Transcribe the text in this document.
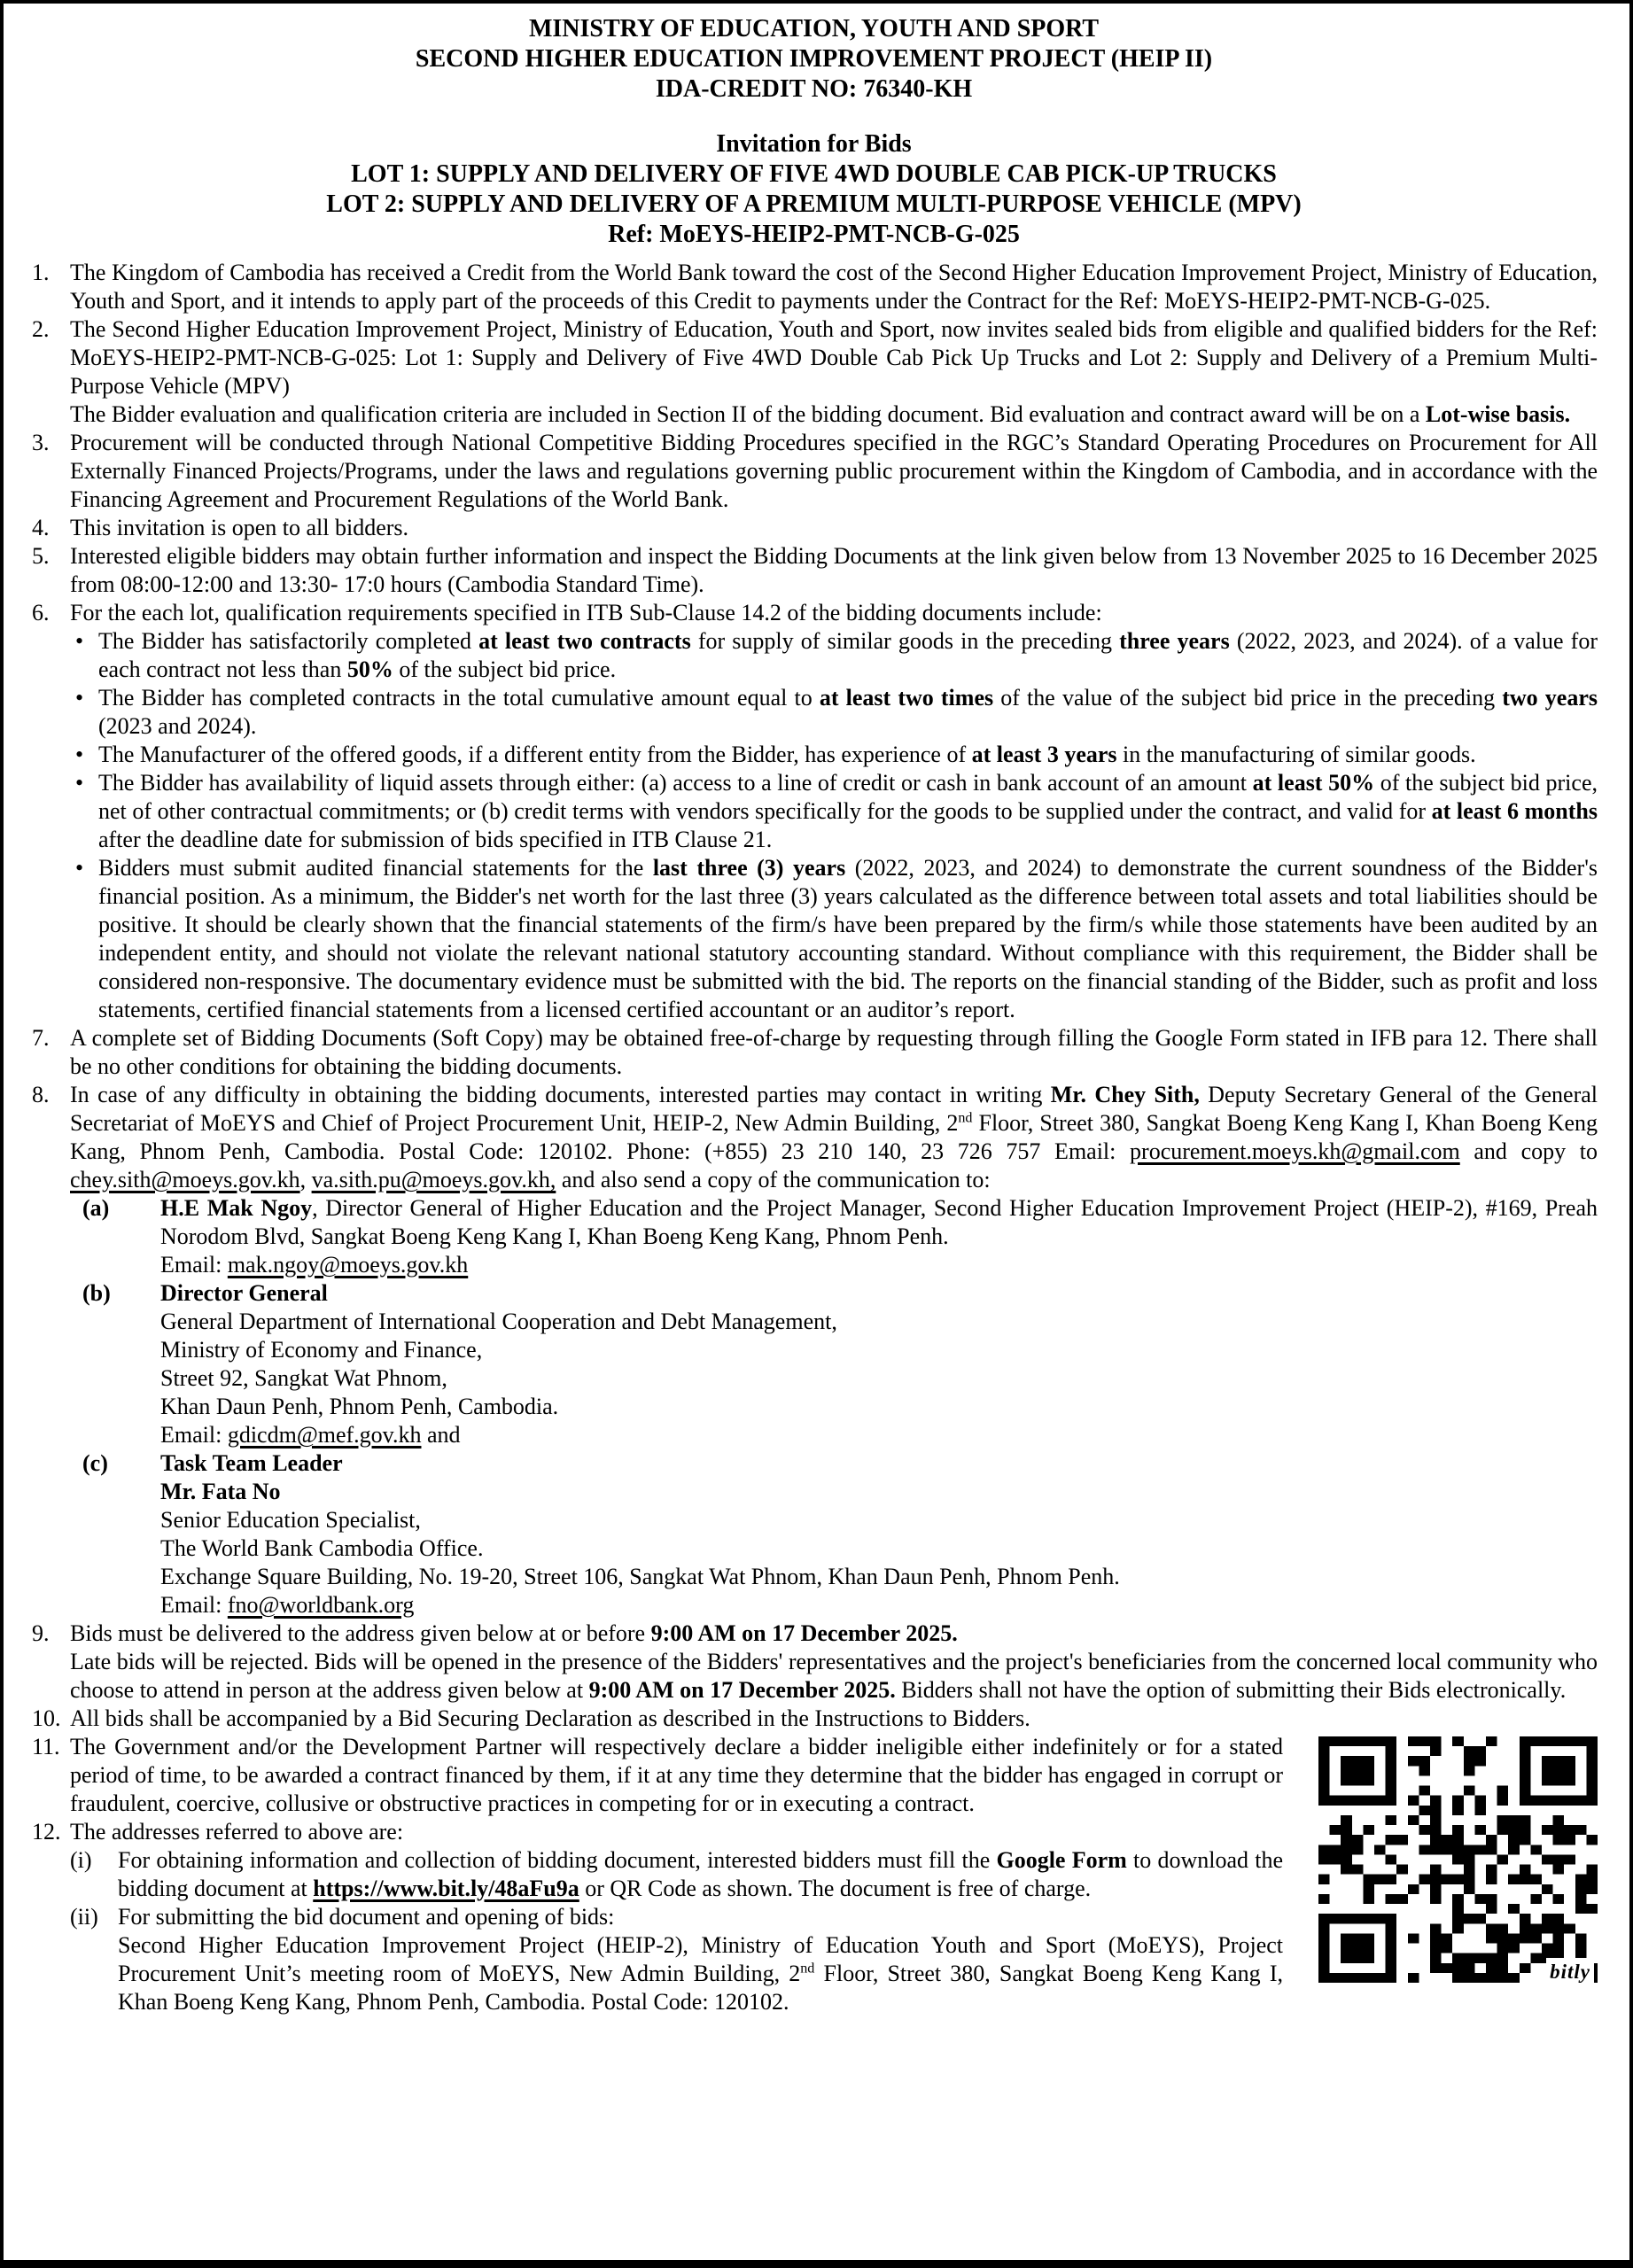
MINISTRY OF EDUCATION, YOUTH AND SPORT
SECOND HIGHER EDUCATION IMPROVEMENT PROJECT (HEIP II)
IDA-CREDIT NO: 76340-KH
Invitation for Bids
LOT 1: SUPPLY AND DELIVERY OF FIVE 4WD DOUBLE CAB PICK-UP TRUCKS
LOT 2: SUPPLY AND DELIVERY OF A PREMIUM MULTI-PURPOSE VEHICLE (MPV)
Ref: MoEYS-HEIP2-PMT-NCB-G-025
1. The Kingdom of Cambodia has received a Credit from the World Bank toward the cost of the Second Higher Education Improvement Project, Ministry of Education, Youth and Sport, and it intends to apply part of the proceeds of this Credit to payments under the Contract for the Ref: MoEYS-HEIP2-PMT-NCB-G-025.
2. The Second Higher Education Improvement Project, Ministry of Education, Youth and Sport, now invites sealed bids from eligible and qualified bidders for the Ref: MoEYS-HEIP2-PMT-NCB-G-025: Lot 1: Supply and Delivery of Five 4WD Double Cab Pick Up Trucks and Lot 2: Supply and Delivery of a Premium Multi-Purpose Vehicle (MPV)
The Bidder evaluation and qualification criteria are included in Section II of the bidding document. Bid evaluation and contract award will be on a Lot-wise basis.
3. Procurement will be conducted through National Competitive Bidding Procedures specified in the RGC’s Standard Operating Procedures on Procurement for All Externally Financed Projects/Programs, under the laws and regulations governing public procurement within the Kingdom of Cambodia, and in accordance with the Financing Agreement and Procurement Regulations of the World Bank.
4. This invitation is open to all bidders.
5. Interested eligible bidders may obtain further information and inspect the Bidding Documents at the link given below from 13 November 2025 to 16 December 2025 from 08:00-12:00 and 13:30- 17:0 hours (Cambodia Standard Time).
6. For the each lot, qualification requirements specified in ITB Sub-Clause 14.2 of the bidding documents include:
• The Bidder has satisfactorily completed at least two contracts for supply of similar goods in the preceding three years (2022, 2023, and 2024). of a value for each contract not less than 50% of the subject bid price.
• The Bidder has completed contracts in the total cumulative amount equal to at least two times of the value of the subject bid price in the preceding two years (2023 and 2024).
• The Manufacturer of the offered goods, if a different entity from the Bidder, has experience of at least 3 years in the manufacturing of similar goods.
• The Bidder has availability of liquid assets through either: (a) access to a line of credit or cash in bank account of an amount at least 50% of the subject bid price, net of other contractual commitments; or (b) credit terms with vendors specifically for the goods to be supplied under the contract, and valid for at least 6 months after the deadline date for submission of bids specified in ITB Clause 21.
• Bidders must submit audited financial statements for the last three (3) years (2022, 2023, and 2024) to demonstrate the current soundness of the Bidder's financial position. As a minimum, the Bidder's net worth for the last three (3) years calculated as the difference between total assets and total liabilities should be positive. It should be clearly shown that the financial statements of the firm/s have been prepared by the firm/s while those statements have been audited by an independent entity, and should not violate the relevant national statutory accounting standard. Without compliance with this requirement, the Bidder shall be considered non-responsive. The documentary evidence must be submitted with the bid. The reports on the financial standing of the Bidder, such as profit and loss statements, certified financial statements from a licensed certified accountant or an auditor’s report.
7. A complete set of Bidding Documents (Soft Copy) may be obtained free-of-charge by requesting through filling the Google Form stated in IFB para 12. There shall be no other conditions for obtaining the bidding documents.
8. In case of any difficulty in obtaining the bidding documents, interested parties may contact in writing Mr. Chey Sith, Deputy Secretary General of the General Secretariat of MoEYS and Chief of Project Procurement Unit, HEIP-2, New Admin Building, 2nd Floor, Street 380, Sangkat Boeng Keng Kang I, Khan Boeng Keng Kang, Phnom Penh, Cambodia. Postal Code: 120102. Phone: (+855) 23 210 140, 23 726 757 Email: procurement.moeys.kh@gmail.com and copy to chey.sith@moeys.gov.kh, va.sith.pu@moeys.gov.kh, and also send a copy of the communication to:
(a) H.E Mak Ngoy, Director General of Higher Education and the Project Manager, Second Higher Education Improvement Project (HEIP-2), #169, Preah Norodom Blvd, Sangkat Boeng Keng Kang I, Khan Boeng Keng Kang, Phnom Penh.
Email: mak.ngoy@moeys.gov.kh
(b) Director General
General Department of International Cooperation and Debt Management,
Ministry of Economy and Finance,
Street 92, Sangkat Wat Phnom,
Khan Daun Penh, Phnom Penh, Cambodia.
Email: gdicdm@mef.gov.kh and
(c) Task Team Leader
Mr. Fata No
Senior Education Specialist,
The World Bank Cambodia Office.
Exchange Square Building, No. 19-20, Street 106, Sangkat Wat Phnom, Khan Daun Penh, Phnom Penh.
Email: fno@worldbank.org
9. Bids must be delivered to the address given below at or before 9:00 AM on 17 December 2025.
Late bids will be rejected. Bids will be opened in the presence of the Bidders' representatives and the project's beneficiaries from the concerned local community who choose to attend in person at the address given below at 9:00 AM on 17 December 2025. Bidders shall not have the option of submitting their Bids electronically.
10. All bids shall be accompanied by a Bid Securing Declaration as described in the Instructions to Bidders.
bitly
11. The Government and/or the Development Partner will respectively declare a bidder ineligible either indefinitely or for a stated period of time, to be awarded a contract financed by them, if it at any time they determine that the bidder has engaged in corrupt or fraudulent, coercive, collusive or obstructive practices in competing for or in executing a contract.
12. The addresses referred to above are:
(i) For obtaining information and collection of bidding document, interested bidders must fill the Google Form to download the bidding document at https://www.bit.ly/48aFu9a or QR Code as shown. The document is free of charge.
(ii) For submitting the bid document and opening of bids:
Second Higher Education Improvement Project (HEIP-2), Ministry of Education Youth and Sport (MoEYS), Project Procurement Unit’s meeting room of MoEYS, New Admin Building, 2nd Floor, Street 380, Sangkat Boeng Keng Kang I, Khan Boeng Keng Kang, Phnom Penh, Cambodia. Postal Code: 120102.
